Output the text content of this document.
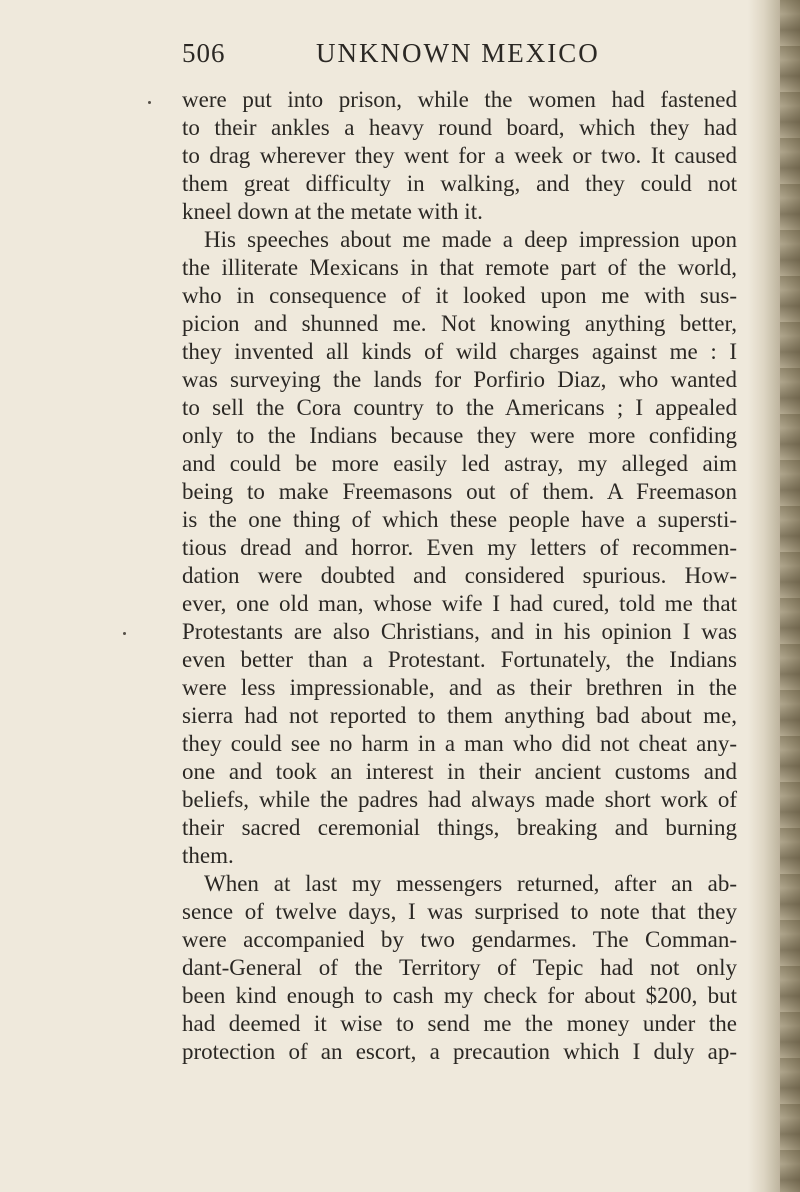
506	UNKNOWN MEXICO
were put into prison, while the women had fastened
to their ankles a heavy round board, which they had
to drag wherever they went for a week or two. It caused
them great difficulty in walking, and they could not
kneel down at the metate with it.
His speeches about me made a deep impression upon
the illiterate Mexicans in that remote part of the world,
who in consequence of it looked upon me with sus-
picion and shunned me. Not knowing anything better,
they invented all kinds of wild charges against me : I
was surveying the lands for Porfirio Diaz, who wanted
to sell the Cora country to the Americans ; I appealed
only to the Indians because they were more confiding
and could be more easily led astray, my alleged aim
being to make Freemasons out of them. A Freemason
is the one thing of which these people have a supersti-
tious dread and horror. Even my letters of recommen-
dation were doubted and considered spurious. How-
ever, one old man, whose wife I had cured, told me that
Protestants are also Christians, and in his opinion I was
even better than a Protestant. Fortunately, the Indians
were less impressionable, and as their brethren in the
sierra had not reported to them anything bad about me,
they could see no harm in a man who did not cheat any-
one and took an interest in their ancient customs and
beliefs, while the padres had always made short work of
their sacred ceremonial things, breaking and burning
them.
When at last my messengers returned, after an ab-
sence of twelve days, I was surprised to note that they
were accompanied by two gendarmes. The Comman-
dant-General of the Territory of Tepic had not only
been kind enough to cash my check for about $200, but
had deemed it wise to send me the money under the
protection of an escort, a precaution which I duly ap-
